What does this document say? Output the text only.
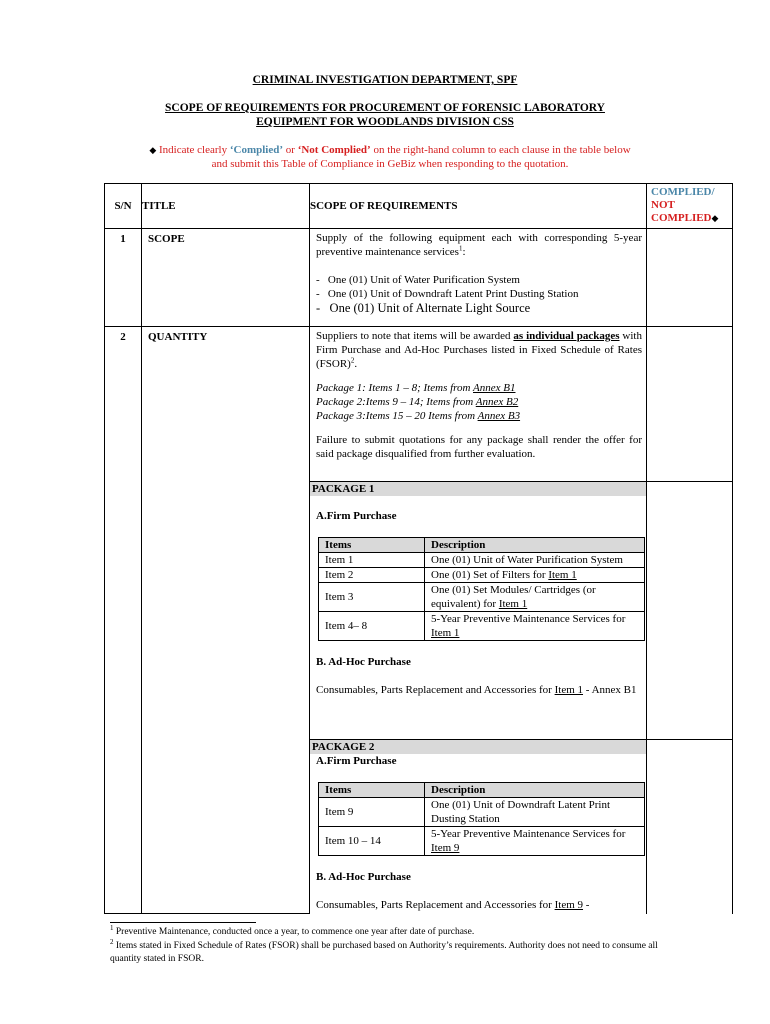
CRIMINAL INVESTIGATION DEPARTMENT, SPF
SCOPE OF REQUIREMENTS FOR PROCUREMENT OF FORENSIC LABORATORY
EQUIPMENT FOR WOODLANDS DIVISION CSS
◆ Indicate clearly ‘Complied’ or ‘Not Complied’ on the right-hand column to each clause in the table below
and submit this Table of Compliance in GeBiz when responding to the quotation.
S/N	TITLE	SCOPE OF REQUIREMENTS	
COMPLIED/
NOT
COMPLIED◆

1	SCOPE	Supply of the following equipment each with corresponding 5-year preventive maintenance services$^1$:

- One (01) Unit of Water Purification System
- One (01) Unit of Downdraft Latent Print Dusting Station
- One (01) Unit of Alternate Light Source

2	QUANTITY	Suppliers to note that items will be awarded as individual packages with Firm Purchase and Ad-Hoc Purchases listed in Fixed Schedule of Rates (FSOR)$^2$.

Package 1: Items 1 – 8; Items from Annex B1
Package 2:Items 9 – 14; Items from Annex B2
Package 3:Items 15 – 20 Items from Annex B3

Failure to submit quotations for any package shall render the offer for said package disqualified from further evaluation.

PACKAGE 1

A.Firm Purchase

Items	Description
Item 1	One (01) Unit of Water Purification System
Item 2	One (01) Set of Filters for Item 1
Item 3	One (01) Set Modules/ Cartridges (or equivalent) for Item 1
Item 4– 8	5-Year Preventive Maintenance Services for Item 1

B. Ad-Hoc Purchase

Consumables, Parts Replacement and Accessories for Item 1 - Annex B1

PACKAGE 2

A.Firm Purchase

Items	Description
Item 9	One (01) Unit of Downdraft Latent Print Dusting Station
Item 10 – 14	5-Year Preventive Maintenance Services for Item 9

B. Ad-Hoc Purchase

Consumables, Parts Replacement and Accessories for Item 9 -

$^1$ Preventive Maintenance, conducted once a year, to commence one year after date of purchase.
$^2$ Items stated in Fixed Schedule of Rates (FSOR) shall be purchased based on Authority’s requirements. Authority does not need to consume all quantity stated in FSOR.
